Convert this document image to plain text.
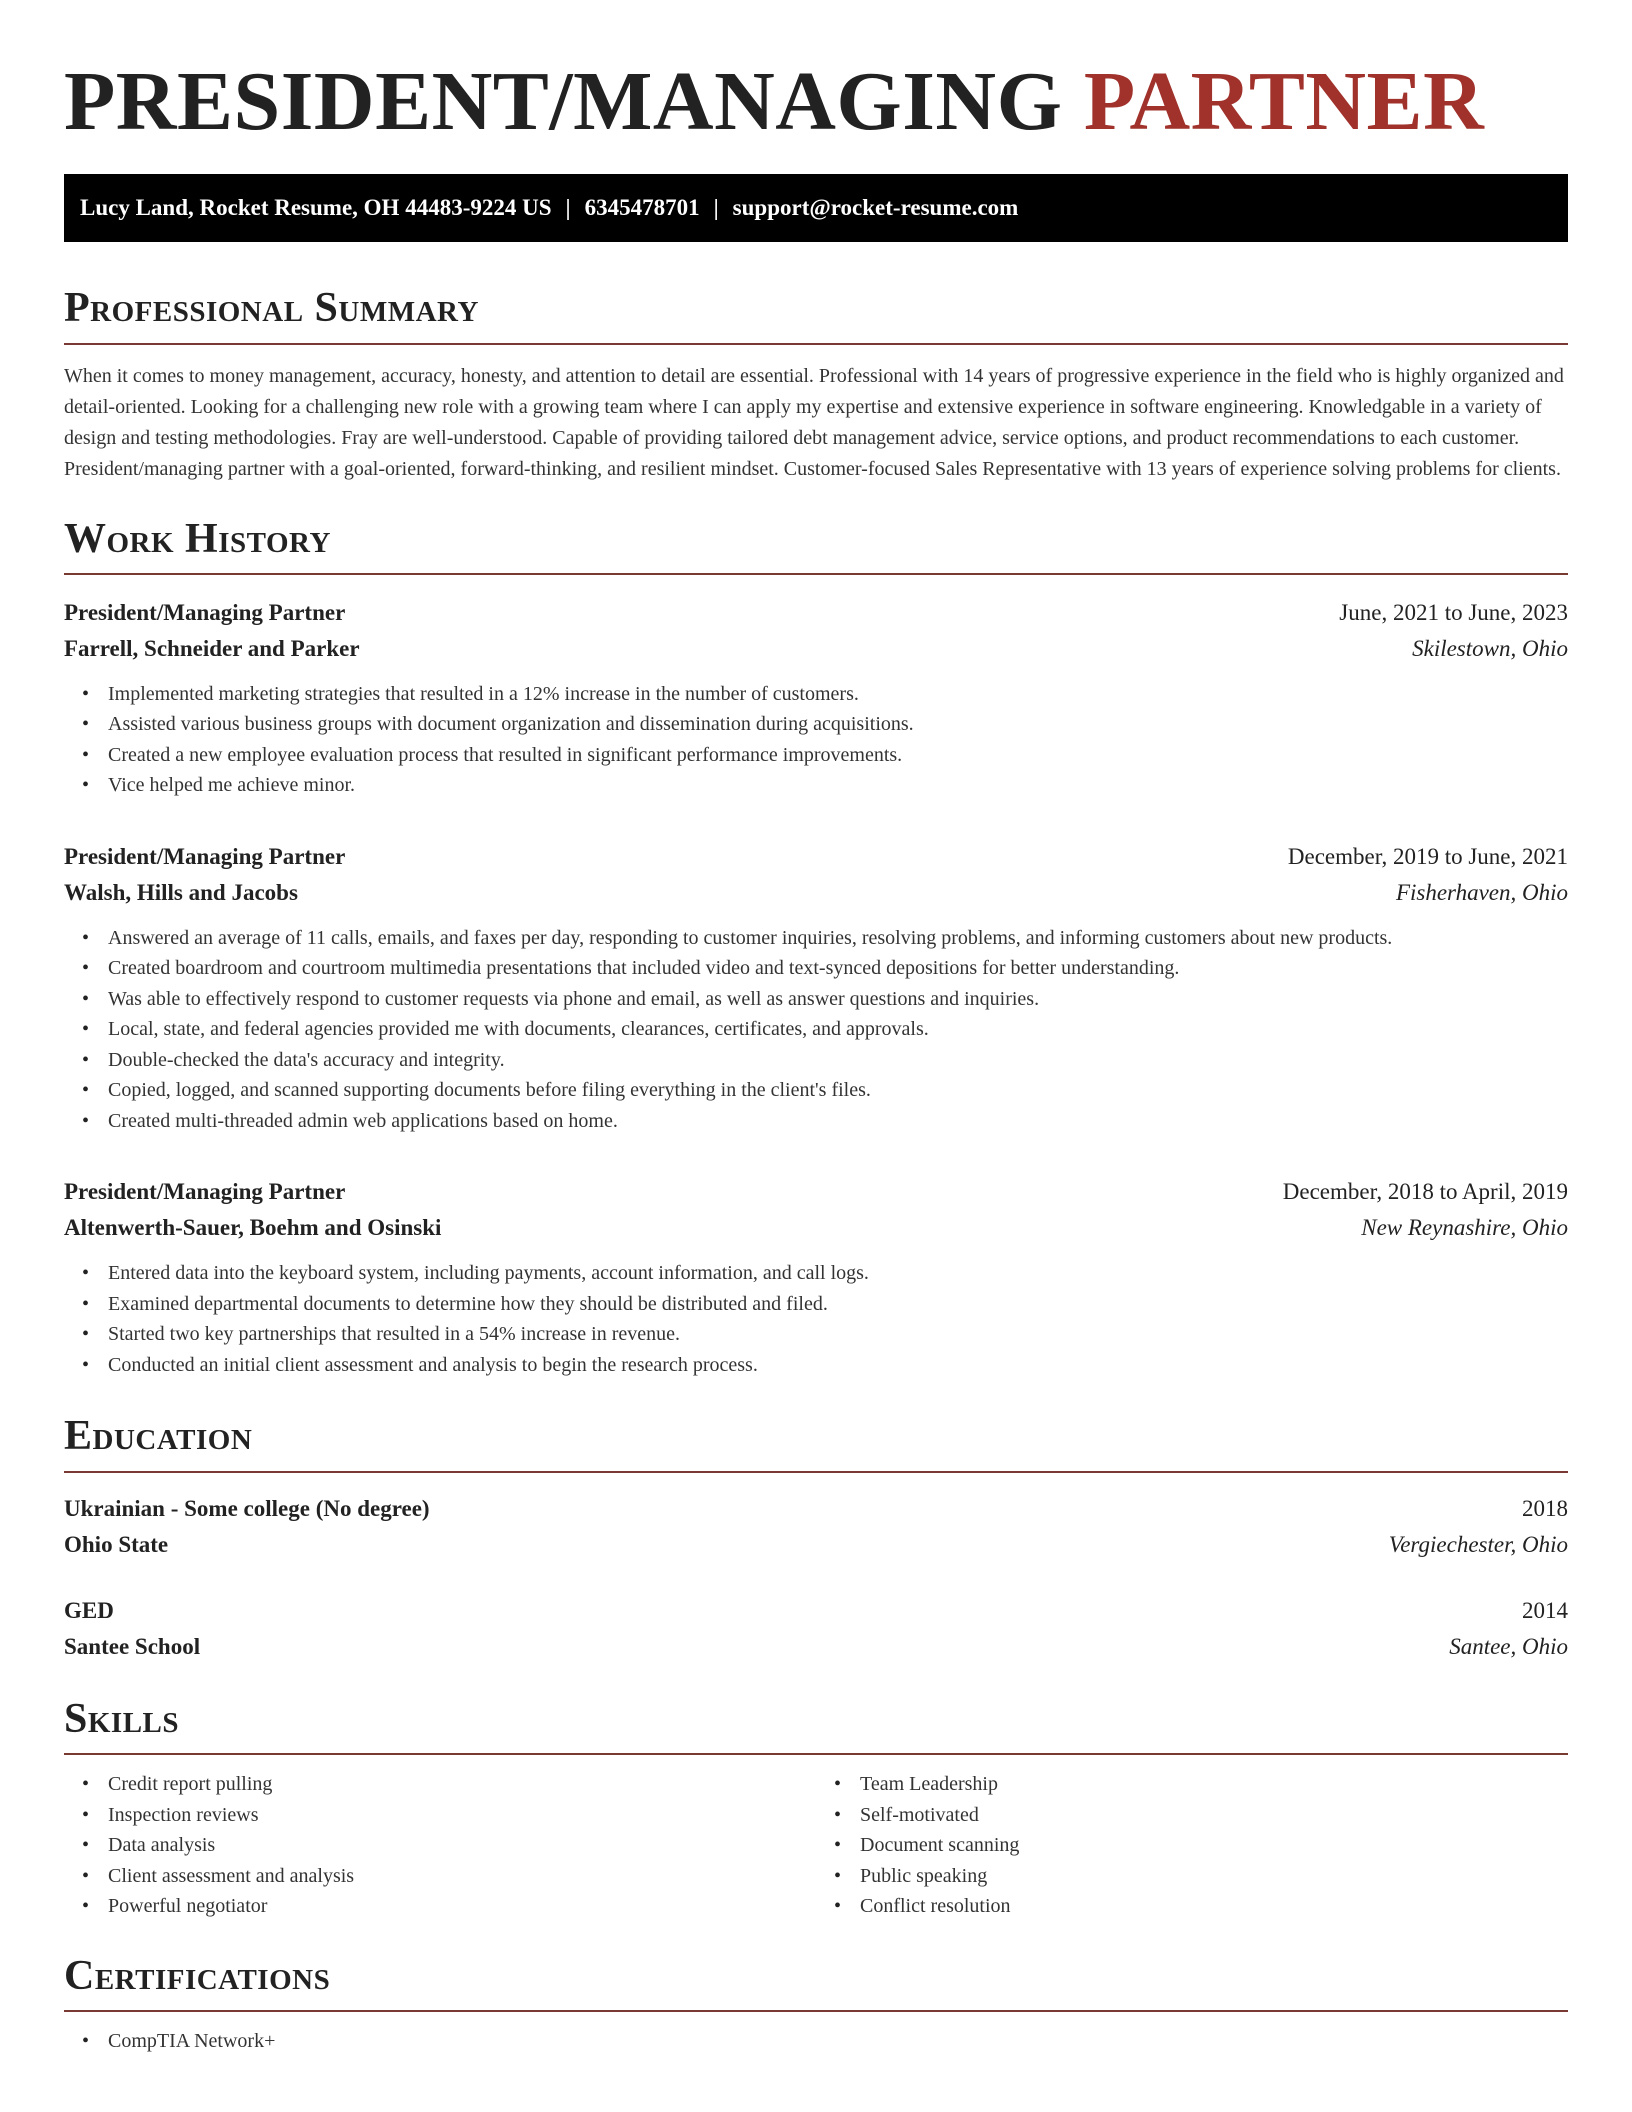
PRESIDENT/MANAGING PARTNER
Lucy Land, Rocket Resume, OH 44483-9224 US | 6345478701 | support@rocket-resume.com
Professional Summary

When it comes to money management, accuracy, honesty, and attention to detail are essential. Professional with 14 years of progressive experience in the field who is highly organized and detail-oriented. Looking for a challenging new role with a growing team where I can apply my expertise and extensive experience in software engineering. Knowledgable in a variety of design and testing methodologies. Fray are well-understood. Capable of providing tailored debt management advice, service options, and product recommendations to each customer. President/managing partner with a goal-oriented, forward-thinking, and resilient mindset. Customer-focused Sales Representative with 13 years of experience solving problems for clients.

Work History
President/Managing Partner	June, 2021 to June, 2023
Farrell, Schneider and Parker	Skilestown, Ohio
• Implemented marketing strategies that resulted in a 12% increase in the number of customers.
• Assisted various business groups with document organization and dissemination during acquisitions.
• Created a new employee evaluation process that resulted in significant performance improvements.
• Vice helped me achieve minor.
President/Managing Partner	December, 2019 to June, 2021
Walsh, Hills and Jacobs	Fisherhaven, Ohio
• Answered an average of 11 calls, emails, and faxes per day, responding to customer inquiries, resolving problems, and informing customers about new products.
• Created boardroom and courtroom multimedia presentations that included video and text-synced depositions for better understanding.
• Was able to effectively respond to customer requests via phone and email, as well as answer questions and inquiries.
• Local, state, and federal agencies provided me with documents, clearances, certificates, and approvals.
• Double-checked the data's accuracy and integrity.
• Copied, logged, and scanned supporting documents before filing everything in the client's files.
• Created multi-threaded admin web applications based on home.
President/Managing Partner	December, 2018 to April, 2019
Altenwerth-Sauer, Boehm and Osinski	New Reynashire, Ohio
• Entered data into the keyboard system, including payments, account information, and call logs.
• Examined departmental documents to determine how they should be distributed and filed.
• Started two key partnerships that resulted in a 54% increase in revenue.
• Conducted an initial client assessment and analysis to begin the research process.
Education
Ukrainian - Some college (No degree)	2018
Ohio State	Vergiechester, Ohio
GED	2014
Santee School	Santee, Ohio
Skills
• Credit report pulling
• Inspection reviews
• Data analysis
• Client assessment and analysis
• Powerful negotiator
• Team Leadership
• Self-motivated
• Document scanning
• Public speaking
• Conflict resolution
Certifications
• CompTIA Network+
